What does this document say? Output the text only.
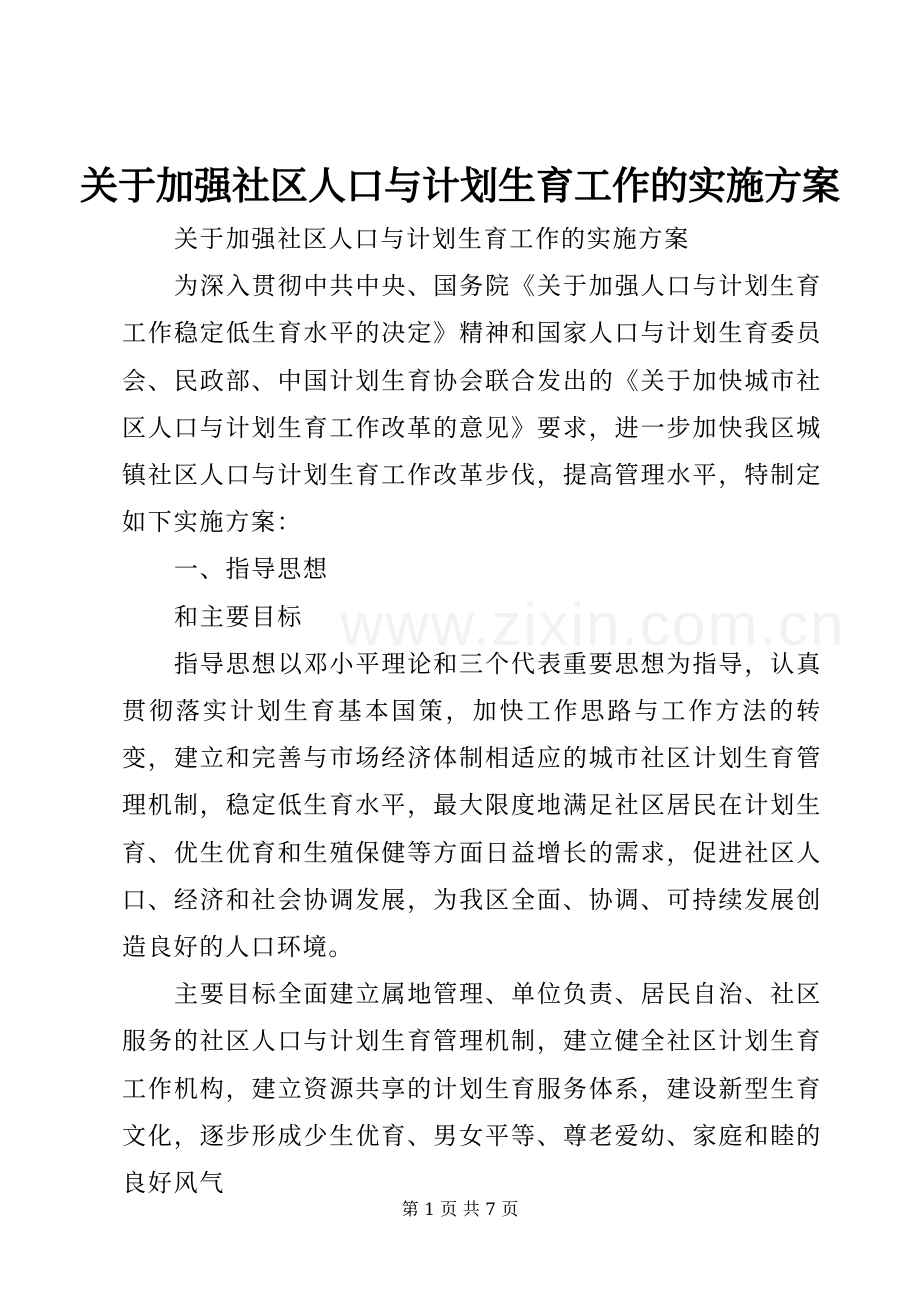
www.zixin.com.cn
关于加强社区人口与计划生育工作的实施方案

关于加强社区人口与计划生育工作的实施方案

为深入贯彻中共中央、国务院《关于加强人口与计划生育工作稳定低生育水平的决定》精神和国家人口与计划生育委员会、民政部、中国计划生育协会联合发出的《关于加快城市社区人口与计划生育工作改革的意见》要求，进一步加快我区城镇社区人口与计划生育工作改革步伐，提高管理水平，特制定如下实施方案：

一、指导思想

和主要目标

指导思想以邓小平理论和三个代表重要思想为指导，认真贯彻落实计划生育基本国策，加快工作思路与工作方法的转变，建立和完善与市场经济体制相适应的城市社区计划生育管理机制，稳定低生育水平，最大限度地满足社区居民在计划生育、优生优育和生殖保健等方面日益增长的需求，促进社区人口、经济和社会协调发展，为我区全面、协调、可持续发展创造良好的人口环境。

主要目标全面建立属地管理、单位负责、居民自治、社区服务的社区人口与计划生育管理机制，建立健全社区计划生育工作机构，建立资源共享的计划生育服务体系，建设新型生育文化，逐步形成少生优育、男女平等、尊老爱幼、家庭和睦的良好风气

第 1 页 共 7 页
